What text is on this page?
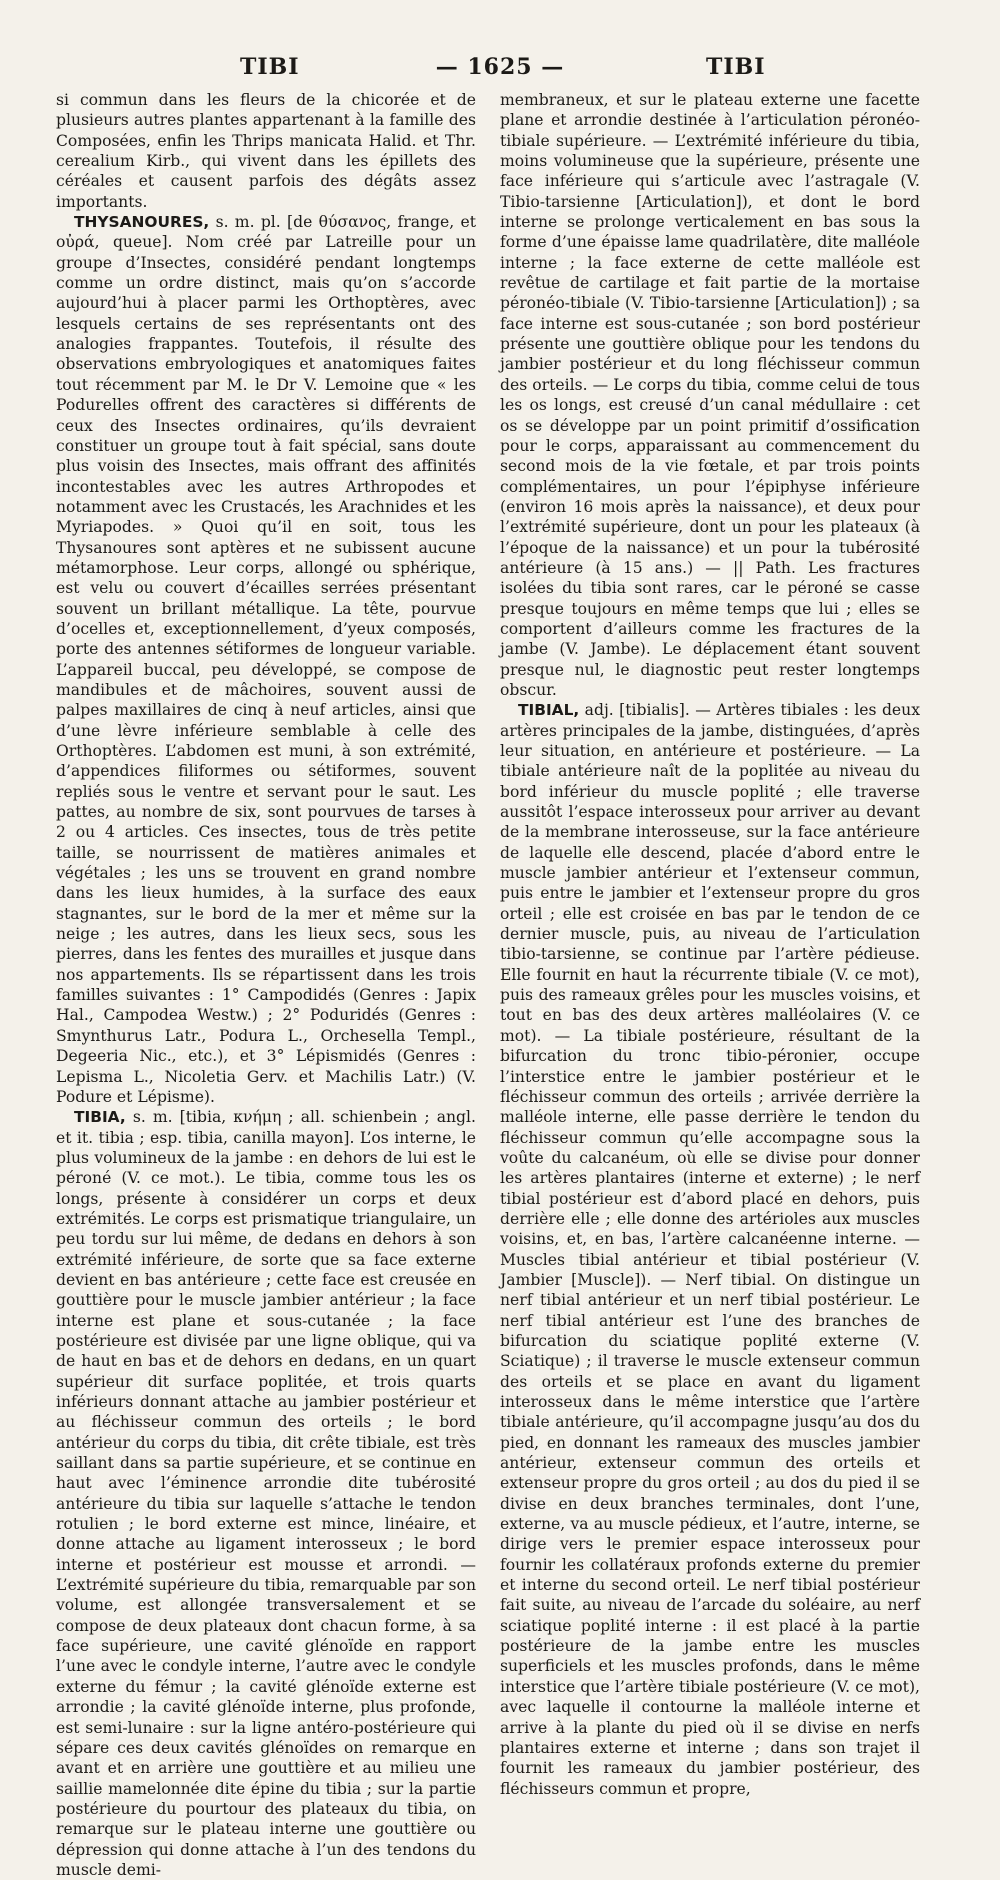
TIBI	— 1625 —	TIBI

si commun dans les fleurs de la chicorée et de plusieurs autres plantes appartenant à la famille des Composées, enfin les Thrips manicata Halid. et Thr. cerealium Kirb., qui vivent dans les épillets des céréales et causent parfois des dégâts assez importants.

THYSANOURES, s. m. pl. [de θύσανος, frange, et οὐρά, queue]. Nom créé par Latreille pour un groupe d’Insectes, considéré pendant longtemps comme un ordre distinct, mais qu’on s’accorde aujourd’hui à placer parmi les Orthoptères, avec lesquels certains de ses représentants ont des analogies frappantes. Toutefois, il résulte des observations embryologiques et anatomiques faites tout récemment par M. le Dr V. Lemoine que « les Podurelles offrent des caractères si différents de ceux des Insectes ordinaires, qu’ils devraient constituer un groupe tout à fait spécial, sans doute plus voisin des Insectes, mais offrant des affinités incontestables avec les autres Arthropodes et notamment avec les Crustacés, les Arachnides et les Myriapodes. » Quoi qu’il en soit, tous les Thysanoures sont aptères et ne subissent aucune métamorphose. Leur corps, allongé ou sphérique, est velu ou couvert d’écailles serrées présentant souvent un brillant métallique. La tête, pourvue d’ocelles et, exceptionnellement, d’yeux composés, porte des antennes sétiformes de longueur variable. L’appareil buccal, peu développé, se compose de mandibules et de mâchoires, souvent aussi de palpes maxillaires de cinq à neuf articles, ainsi que d’une lèvre inférieure semblable à celle des Orthoptères. L’abdomen est muni, à son extrémité, d’appendices filiformes ou sétiformes, souvent repliés sous le ventre et servant pour le saut. Les pattes, au nombre de six, sont pourvues de tarses à 2 ou 4 articles. Ces insectes, tous de très petite taille, se nourrissent de matières animales et végétales ; les uns se trouvent en grand nombre dans les lieux humides, à la surface des eaux stagnantes, sur le bord de la mer et même sur la neige ; les autres, dans les lieux secs, sous les pierres, dans les fentes des murailles et jusque dans nos appartements. Ils se répartissent dans les trois familles suivantes : 1° Campodidés (Genres : Japix Hal., Campodea Westw.) ; 2° Poduridés (Genres : Smynthurus Latr., Podura L., Orchesella Templ., Degeeria Nic., etc.), et 3° Lépismidés (Genres : Lepisma L., Nicoletia Gerv. et Machilis Latr.) (V. Podure et Lépisme).

TIBIA, s. m. [tibia, κνήμη ; all. schienbein ; angl. et it. tibia ; esp. tibia, canilla mayon]. L’os interne, le plus volumineux de la jambe : en dehors de lui est le péroné (V. ce mot.). Le tibia, comme tous les os longs, présente à considérer un corps et deux extrémités. Le corps est prismatique triangulaire, un peu tordu sur lui même, de dedans en dehors à son extrémité inférieure, de sorte que sa face externe devient en bas antérieure ; cette face est creusée en gouttière pour le muscle jambier antérieur ; la face interne est plane et sous-cutanée ; la face postérieure est divisée par une ligne oblique, qui va de haut en bas et de dehors en dedans, en un quart supérieur dit surface poplitée, et trois quarts inférieurs donnant attache au jambier postérieur et au fléchisseur commun des orteils ; le bord antérieur du corps du tibia, dit crête tibiale, est très saillant dans sa partie supérieure, et se continue en haut avec l’éminence arrondie dite tubérosité antérieure du tibia sur laquelle s’attache le tendon rotulien ; le bord externe est mince, linéaire, et donne attache au ligament interosseux ; le bord interne et postérieur est mousse et arrondi. — L’extrémité supérieure du tibia, remarquable par son volume, est allongée transversalement et se compose de deux plateaux dont chacun forme, à sa face supérieure, une cavité glénoïde en rapport l’une avec le condyle interne, l’autre avec le condyle externe du fémur ; la cavité glénoïde externe est arrondie ; la cavité glénoïde interne, plus profonde, est semi-lunaire : sur la ligne antéro-postérieure qui sépare ces deux cavités glénoïdes on remarque en avant et en arrière une gouttière et au milieu une saillie mamelonnée dite épine du tibia ; sur la partie postérieure du pourtour des plateaux du tibia, on remarque sur le plateau interne une gouttière ou dépression qui donne attache à l’un des tendons du muscle demi-

membraneux, et sur le plateau externe une facette plane et arrondie destinée à l’articulation péronéo-tibiale supérieure. — L’extrémité inférieure du tibia, moins volumineuse que la supérieure, présente une face inférieure qui s’articule avec l’astragale (V. Tibio-tarsienne [Articulation]), et dont le bord interne se prolonge verticalement en bas sous la forme d’une épaisse lame quadrilatère, dite malléole interne ; la face externe de cette malléole est revêtue de cartilage et fait partie de la mortaise péronéo-tibiale (V. Tibio-tarsienne [Articulation]) ; sa face interne est sous-cutanée ; son bord postérieur présente une gouttière oblique pour les tendons du jambier postérieur et du long fléchisseur commun des orteils. — Le corps du tibia, comme celui de tous les os longs, est creusé d’un canal médullaire : cet os se développe par un point primitif d’ossification pour le corps, apparaissant au commencement du second mois de la vie fœtale, et par trois points complémentaires, un pour l’épiphyse inférieure (environ 16 mois après la naissance), et deux pour l’extrémité supérieure, dont un pour les plateaux (à l’époque de la naissance) et un pour la tubérosité antérieure (à 15 ans.) — || Path. Les fractures isolées du tibia sont rares, car le péroné se casse presque toujours en même temps que lui ; elles se comportent d’ailleurs comme les fractures de la jambe (V. Jambe). Le déplacement étant souvent presque nul, le diagnostic peut rester longtemps obscur.

TIBIAL, adj. [tibialis]. — Artères tibiales : les deux artères principales de la jambe, distinguées, d’après leur situation, en antérieure et postérieure. — La tibiale antérieure naît de la poplitée au niveau du bord inférieur du muscle poplité ; elle traverse aussitôt l’espace interosseux pour arriver au devant de la membrane interosseuse, sur la face antérieure de laquelle elle descend, placée d’abord entre le muscle jambier antérieur et l’extenseur commun, puis entre le jambier et l’extenseur propre du gros orteil ; elle est croisée en bas par le tendon de ce dernier muscle, puis, au niveau de l’articulation tibio-tarsienne, se continue par l’artère pédieuse. Elle fournit en haut la récurrente tibiale (V. ce mot), puis des rameaux grêles pour les muscles voisins, et tout en bas des deux artères malléolaires (V. ce mot). — La tibiale postérieure, résultant de la bifurcation du tronc tibio-péronier, occupe l’interstice entre le jambier postérieur et le fléchisseur commun des orteils ; arrivée derrière la malléole interne, elle passe derrière le tendon du fléchisseur commun qu’elle accompagne sous la voûte du calcanéum, où elle se divise pour donner les artères plantaires (interne et externe) ; le nerf tibial postérieur est d’abord placé en dehors, puis derrière elle ; elle donne des artérioles aux muscles voisins, et, en bas, l’artère calcanéenne interne. — Muscles tibial antérieur et tibial postérieur (V. Jambier [Muscle]). — Nerf tibial. On distingue un nerf tibial antérieur et un nerf tibial postérieur. Le nerf tibial antérieur est l’une des branches de bifurcation du sciatique poplité externe (V. Sciatique) ; il traverse le muscle extenseur commun des orteils et se place en avant du ligament interosseux dans le même interstice que l’artère tibiale antérieure, qu’il accompagne jusqu’au dos du pied, en donnant les rameaux des muscles jambier antérieur, extenseur commun des orteils et extenseur propre du gros orteil ; au dos du pied il se divise en deux branches terminales, dont l’une, externe, va au muscle pédieux, et l’autre, interne, se dirige vers le premier espace interosseux pour fournir les collatéraux profonds externe du premier et interne du second orteil. Le nerf tibial postérieur fait suite, au niveau de l’arcade du soléaire, au nerf sciatique poplité interne : il est placé à la partie postérieure de la jambe entre les muscles superficiels et les muscles profonds, dans le même interstice que l’artère tibiale postérieure (V. ce mot), avec laquelle il contourne la malléole interne et arrive à la plante du pied où il se divise en nerfs plantaires externe et interne ; dans son trajet il fournit les rameaux du jambier postérieur, des fléchisseurs commun et propre,
